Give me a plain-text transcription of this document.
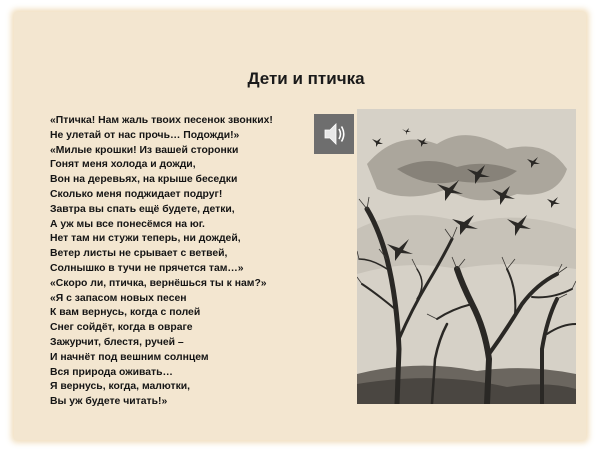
Дети и птичка
«Птичка! Нам жаль твоих песенок звонких!
Не улетай от нас прочь… Подожди!»
«Милые крошки! Из вашей сторонки
Гонят меня холода и дожди,
Вон на деревьях, на крыше беседки
Сколько меня поджидает подруг!
Завтра вы спать ещё будете, детки,
А уж мы все понесёмся на юг.
Нет там ни стужи теперь, ни дождей,
Ветер листы не срывает с ветвей,
Солнышко в тучи не прячется там…»
«Скоро ли, птичка, вернёшься ты к нам?»
«Я с запасом новых песен
К вам вернусь, когда с полей
Снег сойдёт, когда в овраге
Зажурчит, блестя, ручей –
И начнёт под вешним солнцем
Вся природа оживать…
Я вернусь, когда, малютки,
Вы уж будете читать!»
